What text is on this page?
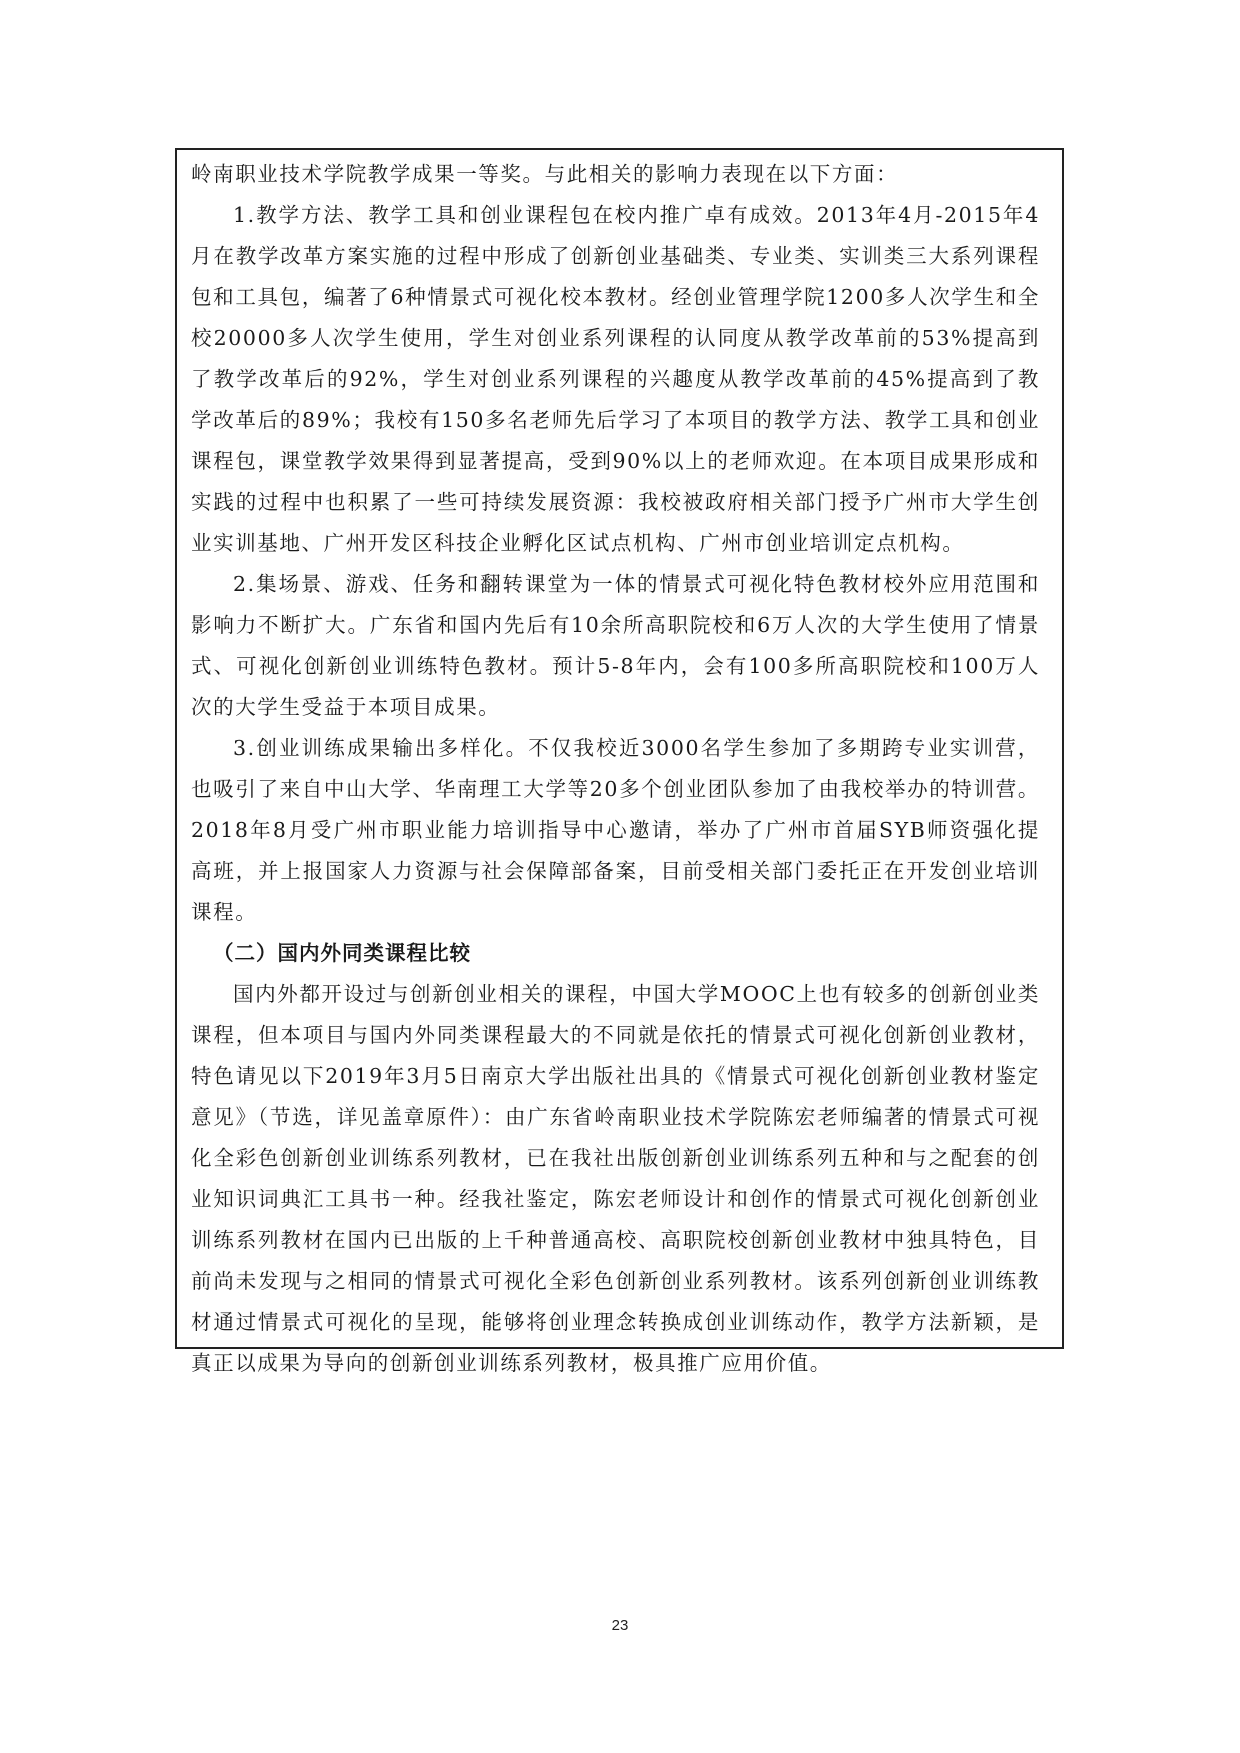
岭南职业技术学院教学成果一等奖。与此相关的影响力表现在以下方面：

1.教学方法、教学工具和创业课程包在校内推广卓有成效。2013年4月-2015年4月在教学改革方案实施的过程中形成了创新创业基础类、专业类、实训类三大系列课程包和工具包，编著了6种情景式可视化校本教材。经创业管理学院1200多人次学生和全校20000多人次学生使用，学生对创业系列课程的认同度从教学改革前的53%提高到了教学改革后的92%，学生对创业系列课程的兴趣度从教学改革前的45%提高到了教学改革后的89%；我校有150多名老师先后学习了本项目的教学方法、教学工具和创业课程包，课堂教学效果得到显著提高，受到90%以上的老师欢迎。在本项目成果形成和实践的过程中也积累了一些可持续发展资源：我校被政府相关部门授予广州市大学生创业实训基地、广州开发区科技企业孵化区试点机构、广州市创业培训定点机构。

2.集场景、游戏、任务和翻转课堂为一体的情景式可视化特色教材校外应用范围和影响力不断扩大。广东省和国内先后有10余所高职院校和6万人次的大学生使用了情景式、可视化创新创业训练特色教材。预计5-8年内，会有100多所高职院校和100万人次的大学生受益于本项目成果。

3.创业训练成果输出多样化。不仅我校近3000名学生参加了多期跨专业实训营，也吸引了来自中山大学、华南理工大学等20多个创业团队参加了由我校举办的特训营。2018年8月受广州市职业能力培训指导中心邀请，举办了广州市首届SYB师资强化提高班，并上报国家人力资源与社会保障部备案，目前受相关部门委托正在开发创业培训课程。

（二）国内外同类课程比较

国内外都开设过与创新创业相关的课程，中国大学MOOC上也有较多的创新创业类课程，但本项目与国内外同类课程最大的不同就是依托的情景式可视化创新创业教材，特色请见以下2019年3月5日南京大学出版社出具的《情景式可视化创新创业教材鉴定意见》（节选，详见盖章原件）：由广东省岭南职业技术学院陈宏老师编著的情景式可视化全彩色创新创业训练系列教材，已在我社出版创新创业训练系列五种和与之配套的创业知识词典汇工具书一种。经我社鉴定，陈宏老师设计和创作的情景式可视化创新创业训练系列教材在国内已出版的上千种普通高校、高职院校创新创业教材中独具特色，目前尚未发现与之相同的情景式可视化全彩色创新创业系列教材。该系列创新创业训练教材通过情景式可视化的呈现，能够将创业理念转换成创业训练动作，教学方法新颖，是真正以成果为导向的创新创业训练系列教材，极具推广应用价值。

23
